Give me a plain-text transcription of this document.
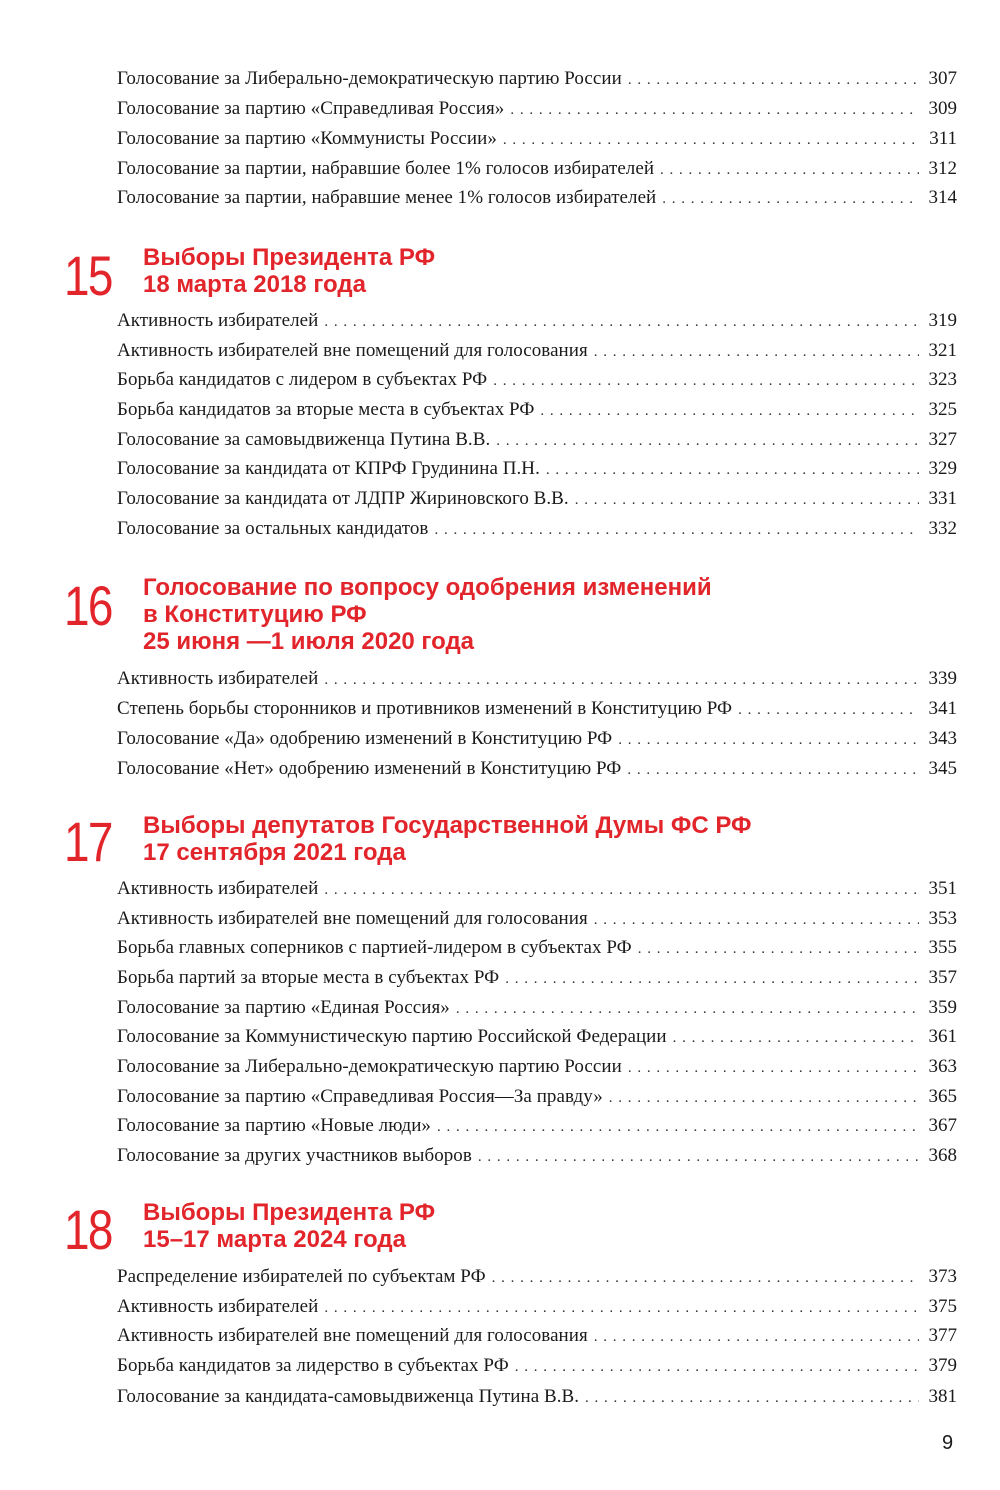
Голосование за Либерально-демократическую партию России . . .	307
Голосование за партию «Справедливая Россия» . . .	309
Голосование за партию «Коммунисты России» . . .	311
Голосование за партии, набравшие более 1% голосов избирателей . . .	312
Голосование за партии, набравшие менее 1% голосов избирателей . . .	314
15 Выборы Президента РФ
18 марта 2018 года
Активность избирателей . . .	319
Активность избирателей вне помещений для голосования . . .	321
Борьба кандидатов с лидером в субъектах РФ . . .	323
Борьба кандидатов за вторые места в субъектах РФ . . .	325
Голосование за самовыдвиженца Путина В.В. . . .	327
Голосование за кандидата от КПРФ Грудинина П.Н. . . .	329
Голосование за кандидата от ЛДПР Жириновского В.В. . . .	331
Голосование за остальных кандидатов . . .	332
16 Голосование по вопросу одобрения изменений
в Конституцию РФ
25 июня —1 июля 2020 года
Активность избирателей . . .	339
Степень борьбы сторонников и противников изменений в Конституцию РФ . . .	341
Голосование «Да» одобрению изменений в Конституцию РФ . . .	343
Голосование «Нет» одобрению изменений в Конституцию РФ . . .	345
17 Выборы депутатов Государственной Думы ФС РФ
17 сентября 2021 года
Активность избирателей . . .	351
Активность избирателей вне помещений для голосования . . .	353
Борьба главных соперников с партией-лидером в субъектах РФ . . .	355
Борьба партий за вторые места в субъектах РФ . . .	357
Голосование за партию «Единая Россия» . . .	359
Голосование за Коммунистическую партию Российской Федерации . . .	361
Голосование за Либерально-демократическую партию России . . .	363
Голосование за партию «Справедливая Россия—За правду» . . .	365
Голосование за партию «Новые люди» . . .	367
Голосование за других участников выборов . . .	368
18 Выборы Президента РФ
15–17 марта 2024 года
Распределение избирателей по субъектам РФ . . .	373
Активность избирателей . . .	375
Активность избирателей вне помещений для голосования . . .	377
Борьба кандидатов за лидерство в субъектах РФ . . .	379
Голосование за кандидата-самовыдвиженца Путина В.В. . . .	381
9
